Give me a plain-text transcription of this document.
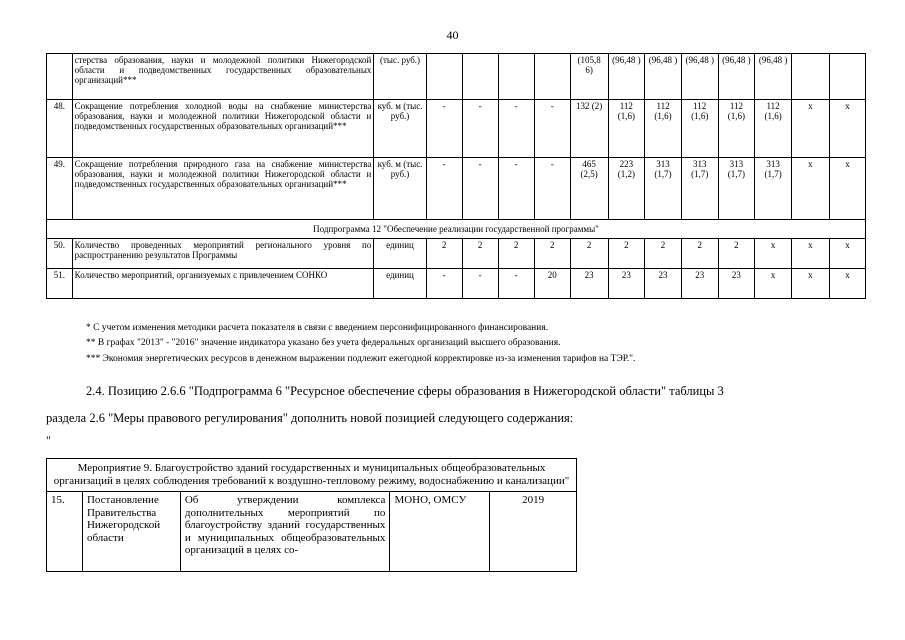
40
	стерства образования, науки и молодежной политики Нижегородской области и подведомственных государственных образовательных организаций***	(тыс. руб.)					(105,8 6)	(96,48 )	(96,48 )	(96,48 )	(96,48 )	(96,48 )		
48.	Сокращение потребления холодной воды на снабжение министерства образования, науки и молодежной политики Нижегородской области и подведомственных государственных образовательных организаций***	куб. м (тыс. руб.)	-	-	-	-	132 (2)	112 (1,6)	112 (1,6)	112 (1,6)	112 (1,6)	112 (1,6)	x	x
49.	Сокращение потребления природного газа на снабжение министерства образования, науки и молодежной политики Нижегородской области и подведомственных государственных образовательных организаций***	куб. м (тыс. руб.)	-	-	-	-	465 (2,5)	223 (1,2)	313 (1,7)	313 (1,7)	313 (1,7)	313 (1,7)	x	x
Подпрограмма 12 "Обеспечение реализации государственной программы"														
50.	Количество проведенных мероприятий регионального уровня по распространению результатов Программы	единиц	2	2	2	2	2	2	2	2	2	x	x	x
51.	Количество мероприятий, организуемых с привлечением СОНКО	единиц	-	-	-	20	23	23	23	23	23	x	x	x
* С учетом изменения методики расчета показателя в связи с введением персонифицированного финансирования.
** В графах "2013" - "2016" значение индикатора указано без учета федеральных организаций высшего образования.
*** Экономия энергетических ресурсов в денежном выражении подлежит ежегодной корректировке из-за изменения тарифов на ТЭР.".
2.4. Позицию 2.6.6 "Подпрограмма 6 "Ресурсное обеспечение сферы образования в Нижегородской области" таблицы 3
раздела 2.6 "Меры правового регулирования" дополнить новой позицией следующего содержания:
"
Мероприятие 9. Благоустройство зданий государственных и муниципальных общеобразовательных организаций в целях соблюдения требований к воздушно-тепловому режиму, водоснабжению и канализации"
15.	Постановление Правительства Нижегородской области	Об утверждении комплекса дополнительных мероприятий по благоустройству зданий государственных и муниципальных общеобразовательных организаций в целях со-	МОНО, ОМСУ	2019
